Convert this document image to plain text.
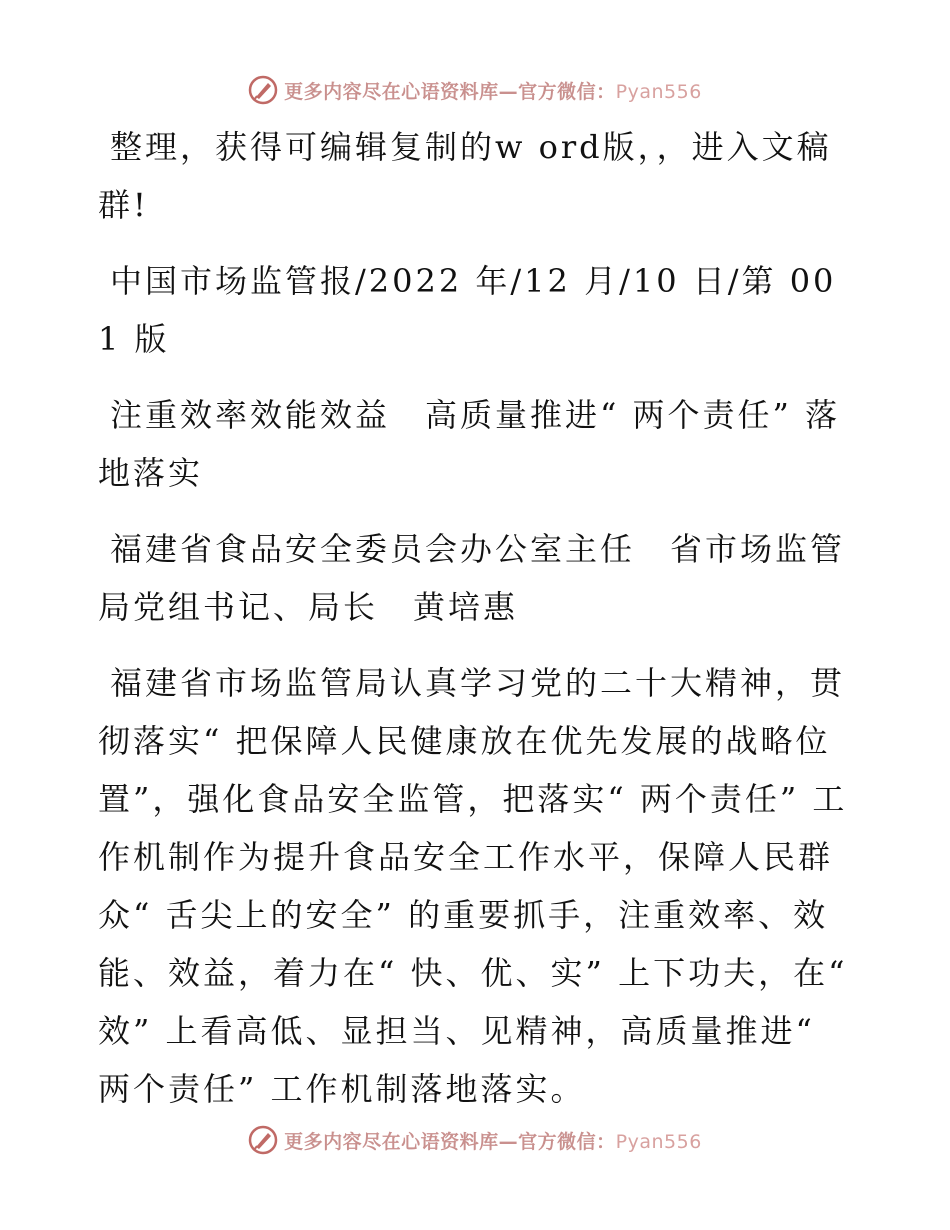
更多内容尽在心语资料库—官方微信：Pyan556

整理，获得可编辑复制的w ord版，，进入文稿群!

中国市场监管报/2022 年/12 月/10 日/第 001 版

注重效率效能效益　高质量推进“ 两个责任” 落地落实

福建省食品安全委员会办公室主任　省市场监管局党组书记、局长　黄培惠

福建省市场监管局认真学习党的二十大精神，贯彻落实“ 把保障人民健康放在优先发展的战略位置”，强化食品安全监管，把落实“ 两个责任” 工作机制作为提升食品安全工作水平，保障人民群众“ 舌尖上的安全” 的重要抓手，注重效率、效能、效益，着力在“ 快、优、实” 上下功夫，在“ 效” 上看高低、显担当、见精神，高质量推进“ 两个责任” 工作机制落地落实。

更多内容尽在心语资料库—官方微信：Pyan556
